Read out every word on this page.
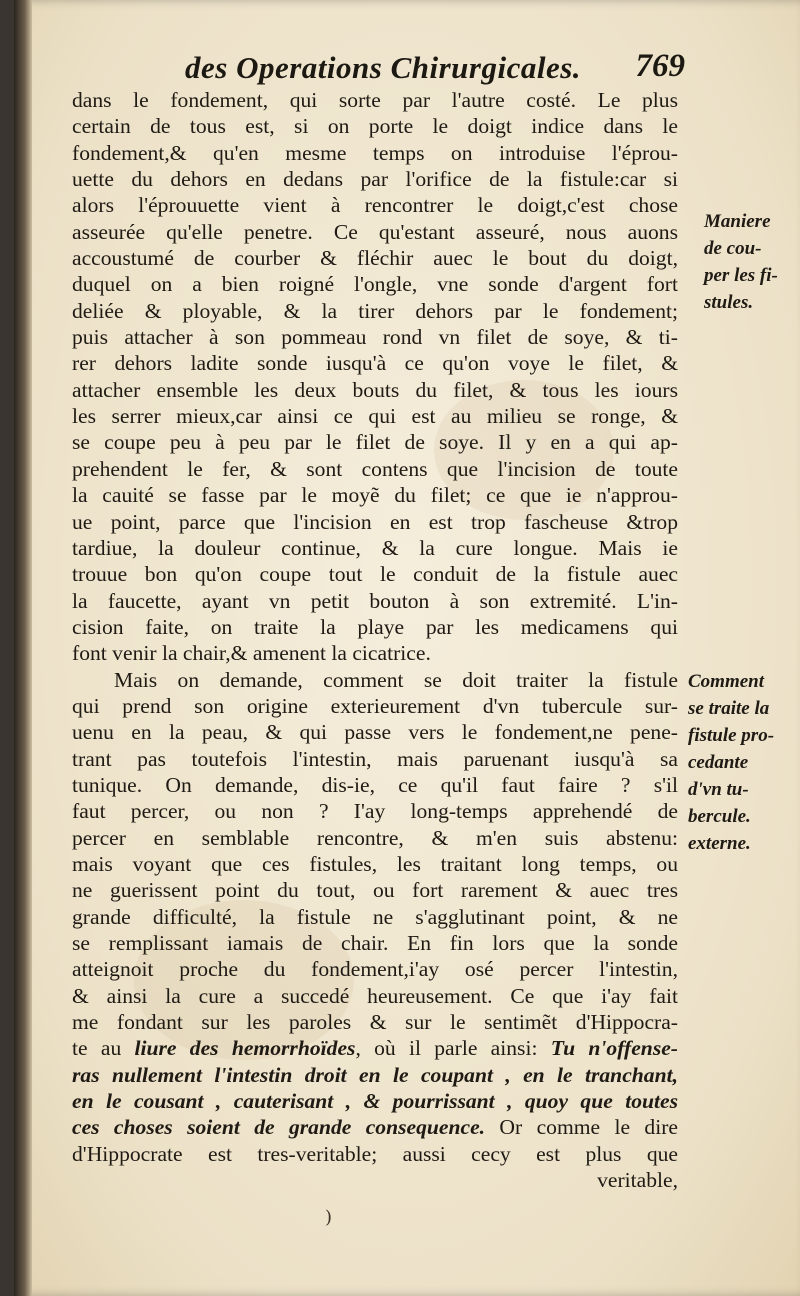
des Operations Chirurgicales. 769
dans le fondement, qui sorte par l'autre costé. Le plus
certain de tous est, si on porte le doigt indice dans le
fondement,& qu'en mesme temps on introduise l'éprou-
uette du dehors en dedans par l'orifice de la fistule:car si
alors l'éprouuette vient à rencontrer le doigt,c'est chose
asseurée qu'elle penetre. Ce qu'estant asseuré, nous auons
accoustumé de courber & fléchir auec le bout du doigt,
duquel on a bien roigné l'ongle, vne sonde d'argent fort
deliée & ployable, & la tirer dehors par le fondement;
puis attacher à son pommeau rond vn filet de soye, & ti-
rer dehors ladite sonde iusqu'à ce qu'on voye le filet, &
attacher ensemble les deux bouts du filet, & tous les iours
les serrer mieux,car ainsi ce qui est au milieu se ronge, &
se coupe peu à peu par le filet de soye. Il y en a qui ap-
prehendent le fer, & sont contens que l'incision de toute
la cauité se fasse par le moyẽ du filet; ce que ie n'approu-
ue point, parce que l'incision en est trop fascheuse &trop
tardiue, la douleur continue, & la cure longue. Mais ie
trouue bon qu'on coupe tout le conduit de la fistule auec
la faucette, ayant vn petit bouton à son extremité. L'in-
cision faite, on traite la playe par les medicamens qui
font venir la chair,& amenent la cicatrice.
Mais on demande, comment se doit traiter la fistule
qui prend son origine exterieurement d'vn tubercule sur-
uenu en la peau, & qui passe vers le fondement,ne pene-
trant pas toutefois l'intestin, mais paruenant iusqu'à sa
tunique. On demande, dis-ie, ce qu'il faut faire ? s'il
faut percer, ou non ? I'ay long-temps apprehendé de
percer en semblable rencontre, & m'en suis abstenu:
mais voyant que ces fistules, les traitant long temps, ou
ne guerissent point du tout, ou fort rarement & auec tres
grande difficulté, la fistule ne s'agglutinant point, & ne
se remplissant iamais de chair. En fin lors que la sonde
atteignoit proche du fondement,i'ay osé percer l'intestin,
& ainsi la cure a succedé heureusement. Ce que i'ay fait
me fondant sur les paroles & sur le sentimẽt d'Hippocra-
te au liure des hemorrhoïdes, où il parle ainsi: Tu n'offense-
ras nullement l'intestin droit en le coupant , en le tranchant,
en le cousant , cauterisant , & pourrissant , quoy que toutes
ces choses soient de grande consequence. Or comme le dire
d'Hippocrate est tres-veritable; aussi cecy est plus que
veritable,
Maniere
de cou-
per les fi-
stules.
Comment
se traite la
fistule pro-
cedante
d'vn tu-
bercule.
externe.
)
